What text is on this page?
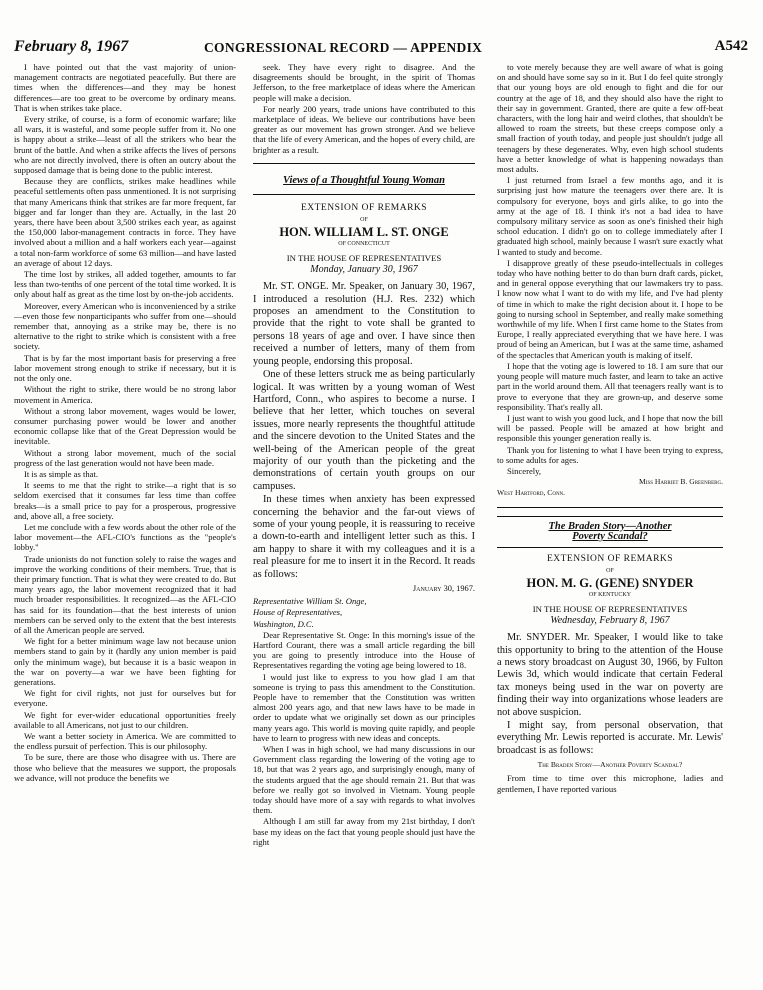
February 8, 1967	CONGRESSIONAL RECORD — APPENDIX	A542

I have pointed out that the vast majority of union-management contracts are negotiated peacefully. But there are times when the differences—and they may be honest differences—are too great to be overcome by ordinary means. That is when strikes take place.

Every strike, of course, is a form of economic warfare; like all wars, it is wasteful, and some people suffer from it. No one is happy about a strike—least of all the strikers who bear the brunt of the battle. And when a strike affects the lives of persons who are not directly involved, there is often an outcry about the supposed damage that is being done to the public interest.

Because they are conflicts, strikes make headlines while peaceful settlements often pass unmentioned. It is not surprising that many Americans think that strikes are far more frequent, far bigger and far longer than they are. Actually, in the last 20 years, there have been about 3,500 strikes each year, as against the 150,000 labor-management contracts in force. They have involved about a million and a half workers each year—against a total non-farm workforce of some 63 million—and have lasted an average of about 12 days.

The time lost by strikes, all added together, amounts to far less than two-tenths of one percent of the total time worked. It is only about half as great as the time lost by on-the-job accidents.

Moreover, every American who is inconvenienced by a strike—even those few nonparticipants who suffer from one—should remember that, annoying as a strike may be, there is no alternative to the right to strike which is consistent with a free society.

That is by far the most important basis for preserving a free labor movement strong enough to strike if necessary, but it is not the only one.

Without the right to strike, there would be no strong labor movement in America.

Without a strong labor movement, wages would be lower, consumer purchasing power would be lower and another economic collapse like that of the Great Depression would be inevitable.

Without a strong labor movement, much of the social progress of the last generation would not have been made.

It is as simple as that.

It seems to me that the right to strike—a right that is so seldom exercised that it consumes far less time than coffee breaks—is a small price to pay for a prosperous, progressive and, above all, a free society.

Let me conclude with a few words about the other role of the labor movement—the AFL-CIO's functions as the "people's lobby."

Trade unionists do not function solely to raise the wages and improve the working conditions of their members. True, that is their primary function. That is what they were created to do. But many years ago, the labor movement recognized that it had much broader responsibilities. It recognized—as the AFL-CIO has said for its foundation—that the best interests of union members can be served only to the extent that the best interests of all the American people are served.

We fight for a better minimum wage law not because union members stand to gain by it (hardly any union member is paid only the minimum wage), but because it is a basic weapon in the war on poverty—a war we have been fighting for generations.

We fight for civil rights, not just for ourselves but for everyone.

We fight for ever-wider educational opportunities freely available to all Americans, not just to our children.

We want a better society in America. We are committed to the endless pursuit of perfection. This is our philosophy.

To be sure, there are those who disagree with us. There are those who believe that the measures we support, the proposals we advance, will not produce the benefits we

seek. They have every right to disagree. And the disagreements should be brought, in the spirit of Thomas Jefferson, to the free marketplace of ideas where the American people will make a decision.

For nearly 200 years, trade unions have contributed to this marketplace of ideas. We believe our contributions have been greater as our movement has grown stronger. And we believe that the life of every American, and the hopes of every child, are brighter as a result.

Views of a Thoughtful Young Woman
EXTENSION OF REMARKS
OF
HON. WILLIAM L. ST. ONGE
OF CONNECTICUT
IN THE HOUSE OF REPRESENTATIVES
Monday, January 30, 1967

Mr. ST. ONGE. Mr. Speaker, on January 30, 1967, I introduced a resolution (H.J. Res. 232) which proposes an amendment to the Constitution to provide that the right to vote shall be granted to persons 18 years of age and over. I have since then received a number of letters, many of them from young people, endorsing this proposal.

One of these letters struck me as being particularly logical. It was written by a young woman of West Hartford, Conn., who aspires to become a nurse. I believe that her letter, which touches on several issues, more nearly represents the thoughtful attitude and the sincere devotion to the United States and the well-being of the American people of the great majority of our youth than the picketing and the demonstrations of certain youth groups on our campuses.

In these times when anxiety has been expressed concerning the behavior and the far-out views of some of your young people, it is reassuring to receive a down-to-earth and intelligent letter such as this. I am happy to share it with my colleagues and it is a real pleasure for me to insert it in the Record. It reads as follows:

January 30, 1967.

Representative William St. Onge,

House of Representatives,

Washington, D.C.

Dear Representative St. Onge: In this morning's issue of the Hartford Courant, there was a small article regarding the bill you are going to presently introduce into the House of Representatives regarding the voting age being lowered to 18.

I would just like to express to you how glad I am that someone is trying to pass this amendment to the Constitution. People have to remember that the Constitution was written almost 200 years ago, and that new laws have to be made in order to update what we originally set down as our principles many years ago. This world is moving quite rapidly, and people have to learn to progress with new ideas and concepts.

When I was in high school, we had many discussions in our Government class regarding the lowering of the voting age to 18, but that was 2 years ago, and surprisingly enough, many of the students argued that the age should remain 21. But that was before we really got so involved in Vietnam. Young people today should have more of a say with regards to what involves them.

Although I am still far away from my 21st birthday, I don't base my ideas on the fact that young people should just have the right

to vote merely because they are well aware of what is going on and should have some say so in it. But I do feel quite strongly that our young boys are old enough to fight and die for our country at the age of 18, and they should also have the right to their say in government. Granted, there are quite a few off-beat characters, with the long hair and weird clothes, that shouldn't be allowed to roam the streets, but these creeps compose only a small fraction of youth today, and people just shouldn't judge all teenagers by these degenerates. Why, even high school students have a better knowledge of what is happening nowadays than most adults.

I just returned from Israel a few months ago, and it is surprising just how mature the teenagers over there are. It is compulsory for everyone, boys and girls alike, to go into the army at the age of 18. I think it's not a bad idea to have compulsory military service as soon as one's finished their high school education. I didn't go on to college immediately after I graduated high school, mainly because I wasn't sure exactly what I wanted to study and become.

I disapprove greatly of these pseudo-intellectuals in colleges today who have nothing better to do than burn draft cards, picket, and in general oppose everything that our lawmakers try to pass. I know now what I want to do with my life, and I've had plenty of time in which to make the right decision about it. I hope to be going to nursing school in September, and really make something worthwhile of my life. When I first came home to the States from Europe, I really appreciated everything that we have here. I was proud of being an American, but I was at the same time, ashamed of the spectacles that American youth is making of itself.

I hope that the voting age is lowered to 18. I am sure that our young people will mature much faster, and learn to take an active part in the world around them. All that teenagers really want is to prove to everyone that they are grown-up, and deserve some responsibility. That's really all.

I just want to wish you good luck, and I hope that now the bill will be passed. People will be amazed at how bright and responsible this younger generation really is.

Thank you for listening to what I have been trying to express, to some adults for ages.

Sincerely,

Miss Harriet B. Greenberg.

West Hartford, Conn.

The Braden Story—Another
Poverty Scandal?
EXTENSION OF REMARKS
OF
HON. M. G. (GENE) SNYDER
OF KENTUCKY
IN THE HOUSE OF REPRESENTATIVES
Wednesday, February 8, 1967

Mr. SNYDER. Mr. Speaker, I would like to take this opportunity to bring to the attention of the House a news story broadcast on August 30, 1966, by Fulton Lewis 3d, which would indicate that certain Federal tax moneys being used in the war on poverty are finding their way into organizations whose leaders are not above suspicion.

I might say, from personal observation, that everything Mr. Lewis reported is accurate. Mr. Lewis' broadcast is as follows:

The Braden Story—Another Poverty Scandal?

From time to time over this microphone, ladies and gentlemen, I have reported various
